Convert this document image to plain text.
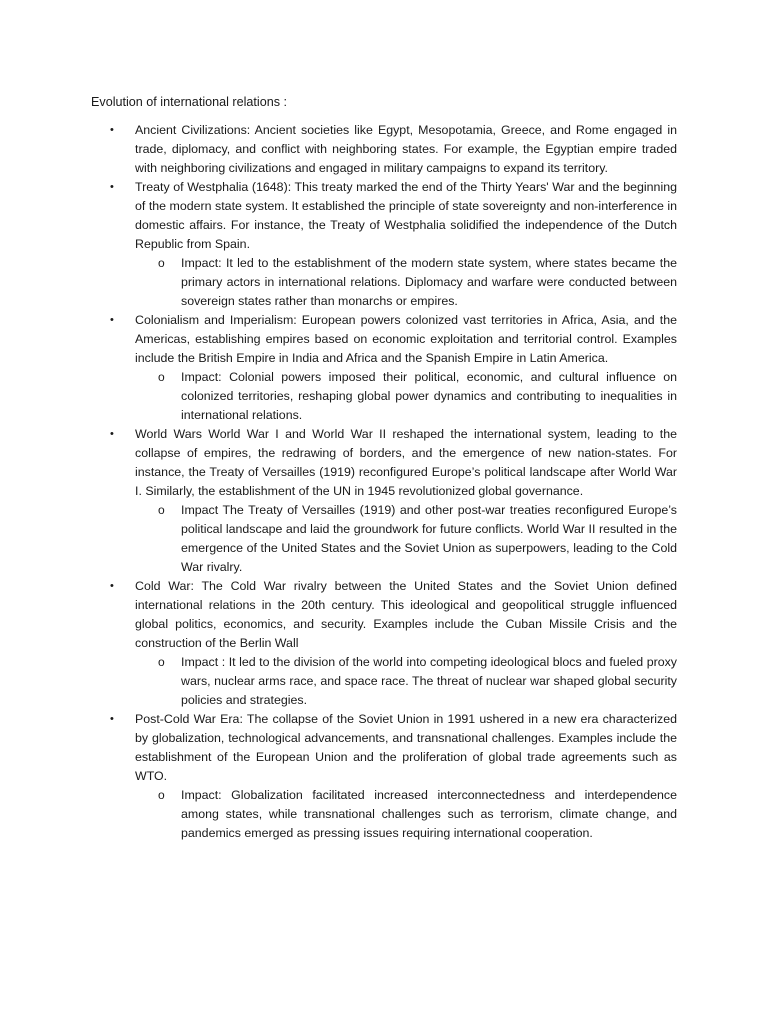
Evolution of international relations :
• Ancient Civilizations: Ancient societies like Egypt, Mesopotamia, Greece, and Rome engaged in trade, diplomacy, and conflict with neighboring states. For example, the Egyptian empire traded with neighboring civilizations and engaged in military campaigns to expand its territory.
• Treaty of Westphalia (1648): This treaty marked the end of the Thirty Years' War and the beginning of the modern state system. It established the principle of state sovereignty and non-interference in domestic affairs. For instance, the Treaty of Westphalia solidified the independence of the Dutch Republic from Spain.
o Impact: It led to the establishment of the modern state system, where states became the primary actors in international relations. Diplomacy and warfare were conducted between sovereign states rather than monarchs or empires.
• Colonialism and Imperialism: European powers colonized vast territories in Africa, Asia, and the Americas, establishing empires based on economic exploitation and territorial control. Examples include the British Empire in India and Africa and the Spanish Empire in Latin America.
o Impact: Colonial powers imposed their political, economic, and cultural influence on colonized territories, reshaping global power dynamics and contributing to inequalities in international relations.
• World Wars World War I and World War II reshaped the international system, leading to the collapse of empires, the redrawing of borders, and the emergence of new nation-states. For instance, the Treaty of Versailles (1919) reconfigured Europe’s political landscape after World War I. Similarly, the establishment of the UN in 1945 revolutionized global governance.
o Impact The Treaty of Versailles (1919) and other post-war treaties reconfigured Europe’s political landscape and laid the groundwork for future conflicts. World War II resulted in the emergence of the United States and the Soviet Union as superpowers, leading to the Cold War rivalry.
• Cold War: The Cold War rivalry between the United States and the Soviet Union defined international relations in the 20th century. This ideological and geopolitical struggle influenced global politics, economics, and security. Examples include the Cuban Missile Crisis and the construction of the Berlin Wall
o Impact : It led to the division of the world into competing ideological blocs and fueled proxy wars, nuclear arms race, and space race. The threat of nuclear war shaped global security policies and strategies.
• Post-Cold War Era: The collapse of the Soviet Union in 1991 ushered in a new era characterized by globalization, technological advancements, and transnational challenges. Examples include the establishment of the European Union and the proliferation of global trade agreements such as WTO.
o Impact: Globalization facilitated increased interconnectedness and interdependence among states, while transnational challenges such as terrorism, climate change, and pandemics emerged as pressing issues requiring international cooperation.
